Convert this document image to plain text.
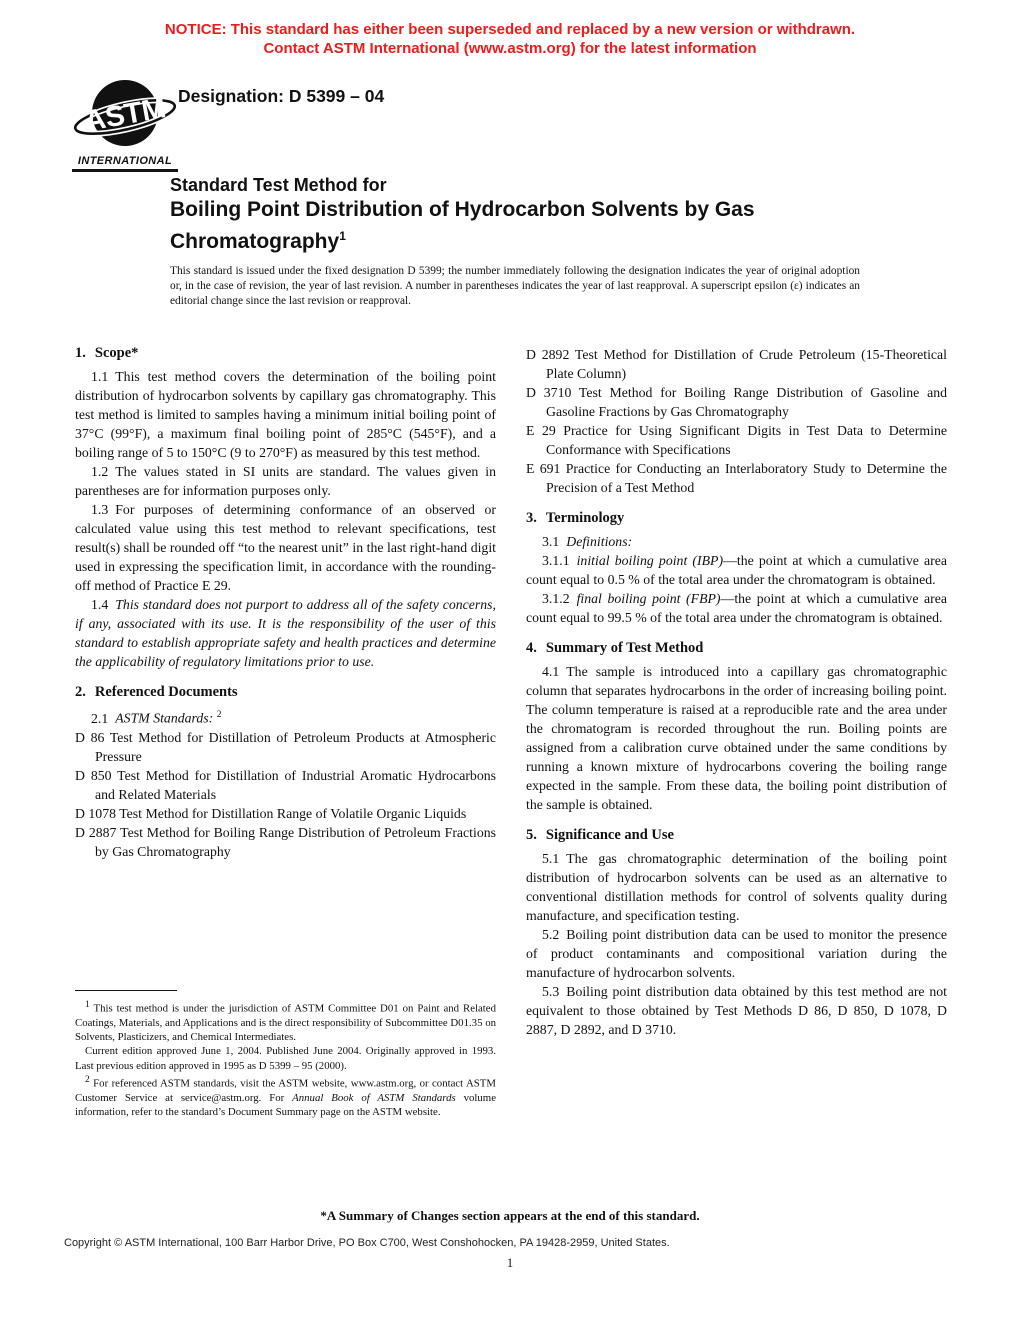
NOTICE: This standard has either been superseded and replaced by a new version or withdrawn.
Contact ASTM International (www.astm.org) for the latest information
ASTM
INTERNATIONAL
Designation: D 5399 – 04
Standard Test Method for
Boiling Point Distribution of Hydrocarbon Solvents by Gas
Chromatography$^1$
This standard is issued under the fixed designation D 5399; the number immediately following the designation indicates the year of original adoption or, in the case of revision, the year of last revision. A number in parentheses indicates the year of last reapproval. A superscript epsilon (ε) indicates an editorial change since the last revision or reapproval.
1. Scope*

1.1 This test method covers the determination of the boiling point distribution of hydrocarbon solvents by capillary gas chromatography. This test method is limited to samples having a minimum initial boiling point of 37°C (99°F), a maximum final boiling point of 285°C (545°F), and a boiling range of 5 to 150°C (9 to 270°F) as measured by this test method.

1.2 The values stated in SI units are standard. The values given in parentheses are for information purposes only.

1.3 For purposes of determining conformance of an observed or calculated value using this test method to relevant specifications, test result(s) shall be rounded off “to the nearest unit” in the last right-hand digit used in expressing the specification limit, in accordance with the rounding-off method of Practice E 29.

1.4 This standard does not purport to address all of the safety concerns, if any, associated with its use. It is the responsibility of the user of this standard to establish appropriate safety and health practices and determine the applicability of regulatory limitations prior to use.

2. Referenced Documents

2.1 ASTM Standards: $^2$

D 86 Test Method for Distillation of Petroleum Products at Atmospheric Pressure

D 850 Test Method for Distillation of Industrial Aromatic Hydrocarbons and Related Materials

D 1078 Test Method for Distillation Range of Volatile Organic Liquids

D 2887 Test Method for Boiling Range Distribution of Petroleum Fractions by Gas Chromatography

$^1$ This test method is under the jurisdiction of ASTM Committee D01 on Paint and Related Coatings, Materials, and Applications and is the direct responsibility of Subcommittee D01.35 on Solvents, Plasticizers, and Chemical Intermediates.

Current edition approved June 1, 2004. Published June 2004. Originally approved in 1993. Last previous edition approved in 1995 as D 5399 – 95 (2000).

$^2$ For referenced ASTM standards, visit the ASTM website, www.astm.org, or contact ASTM Customer Service at service@astm.org. For Annual Book of ASTM Standards volume information, refer to the standard’s Document Summary page on the ASTM website.

D 2892 Test Method for Distillation of Crude Petroleum (15-Theoretical Plate Column)

D 3710 Test Method for Boiling Range Distribution of Gasoline and Gasoline Fractions by Gas Chromatography

E 29 Practice for Using Significant Digits in Test Data to Determine Conformance with Specifications

E 691 Practice for Conducting an Interlaboratory Study to Determine the Precision of a Test Method

3. Terminology

3.1 Definitions:

3.1.1 initial boiling point (IBP)—the point at which a cumulative area count equal to 0.5 % of the total area under the chromatogram is obtained.

3.1.2 final boiling point (FBP)—the point at which a cumulative area count equal to 99.5 % of the total area under the chromatogram is obtained.

4. Summary of Test Method

4.1 The sample is introduced into a capillary gas chromatographic column that separates hydrocarbons in the order of increasing boiling point. The column temperature is raised at a reproducible rate and the area under the chromatogram is recorded throughout the run. Boiling points are assigned from a calibration curve obtained under the same conditions by running a known mixture of hydrocarbons covering the boiling range expected in the sample. From these data, the boiling point distribution of the sample is obtained.

5. Significance and Use

5.1 The gas chromatographic determination of the boiling point distribution of hydrocarbon solvents can be used as an alternative to conventional distillation methods for control of solvents quality during manufacture, and specification testing.

5.2 Boiling point distribution data can be used to monitor the presence of product contaminants and compositional variation during the manufacture of hydrocarbon solvents.

5.3 Boiling point distribution data obtained by this test method are not equivalent to those obtained by Test Methods D 86, D 850, D 1078, D 2887, D 2892, and D 3710.

*A Summary of Changes section appears at the end of this standard.
Copyright © ASTM International, 100 Barr Harbor Drive, PO Box C700, West Conshohocken, PA 19428-2959, United States.
1
